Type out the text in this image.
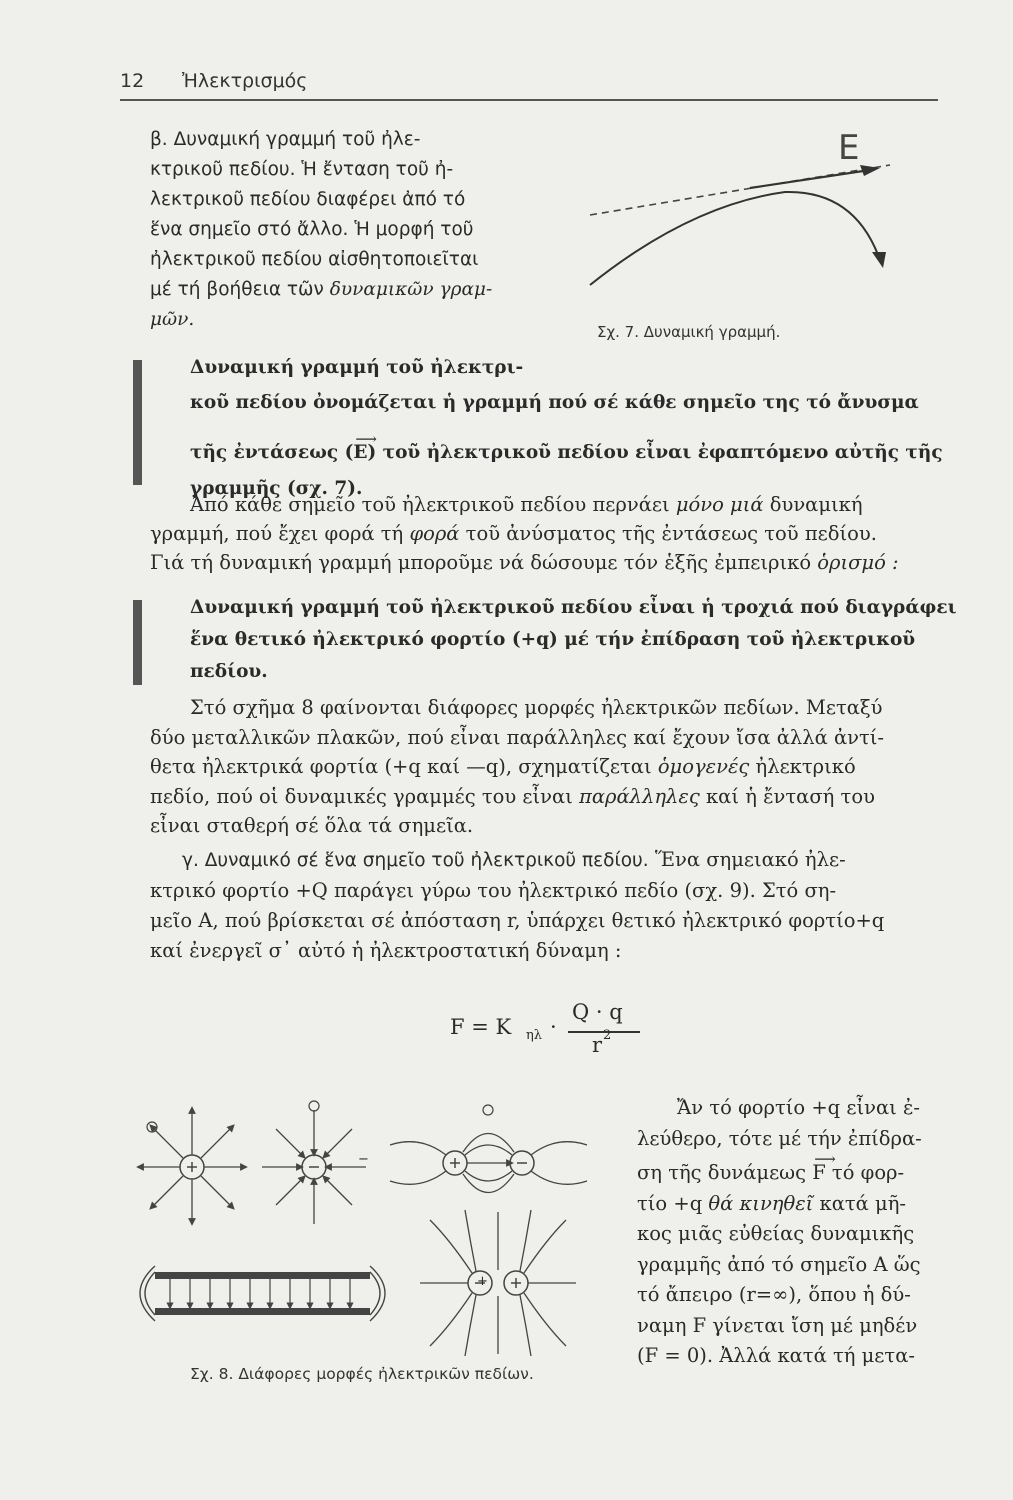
12 Ἠλεκτρισμός
β. Δυναμική γραμμή τοῦ ἠλε-
κτρικοῦ πεδίου. Ἡ ἔνταση τοῦ ἠ-
λεκτρικοῦ πεδίου διαφέρει ἀπό τό
ἕνα σημεῖο στό ἄλλο. Ἡ μορφή τοῦ
ἠλεκτρικοῦ πεδίου αἰσθητοποιεῖται
μέ τή βοήθεια τῶν δυναμικῶν γραμ-
μῶν.
E
Σχ. 7. Δυναμική γραμμή.
Δυναμική γραμμή τοῦ ἠλεκτρι-
κοῦ πεδίου ὀνομάζεται ἡ γραμμή πού σέ κάθε σημεῖο της τό ἄνυσμα
τῆς ἐντάσεως (
⟶
E) τοῦ ἠλεκτρικοῦ πεδίου εἶναι ἐφαπτόμενο αὐτῆς τῆς
γραμμῆς (σχ. 7).
Ἀπό κάθε σημεῖο τοῦ ἠλεκτρικοῦ πεδίου περνάει μόνο μιά δυναμική
γραμμή, πού ἔχει φορά τή φορά τοῦ ἀνύσματος τῆς ἐντάσεως τοῦ πεδίου.
Γιά τή δυναμική γραμμή μποροῦμε νά δώσουμε τόν ἑξῆς ἐμπειρικό ὁρισμό :
Δυναμική γραμμή τοῦ ἠλεκτρικοῦ πεδίου εἶναι ἡ τροχιά πού διαγράφει
ἕνα θετικό ἠλεκτρικό φορτίο (+q) μέ τήν ἐπίδραση τοῦ ἠλεκτρικοῦ
πεδίου.
Στό σχῆμα 8 φαίνονται διάφορες μορφές ἠλεκτρικῶν πεδίων. Μεταξύ
δύο μεταλλικῶν πλακῶν, πού εἶναι παράλληλες καί ἔχουν ἴσα ἀλλά ἀντί-
θετα ἠλεκτρικά φορτία (+q καί —q), σχηματίζεται ὁμογενές ἠλεκτρικό
πεδίο, πού οἱ δυναμικές γραμμές του εἶναι παράλληλες καί ἡ ἔντασή του
εἶναι σταθερή σέ ὅλα τά σημεῖα.
γ. Δυναμικό σέ ἕνα σημεῖο τοῦ ἠλεκτρικοῦ πεδίου. Ἕνα σημειακό ἠλε-
κτρικό φορτίο +Q παράγει γύρω του ἠλεκτρικό πεδίο (σχ. 9). Στό ση-
μεῖο A, πού βρίσκεται σέ ἀπόσταση r, ὑπάρχει θετικό ἠλεκτρικό φορτίο+q
καί ἐνεργεῖ σ᾽ αὐτό ἡ ἠλεκτροστατική δύναμη :
F = K ηλ ·
Q · q
r 2
−
+
Σχ. 8. Διάφορες μορφές ἠλεκτρικῶν πεδίων.
Ἄν τό φορτίο +q εἶναι ἐ-
λεύθερο, τότε μέ τήν ἐπίδρα-
ση τῆς δυνάμεως
⟶
F τό φορ-
τίο +q θά κινηθεῖ κατά μῆ-
κος μιᾶς εὐθείας δυναμικῆς
γραμμῆς ἀπό τό σημεῖο A ὥς
τό ἄπειρο (r=∞), ὅπου ἡ δύ-
ναμη F γίνεται ἴση μέ μηδέν
(F = 0). Ἀλλά κατά τή μετα-
